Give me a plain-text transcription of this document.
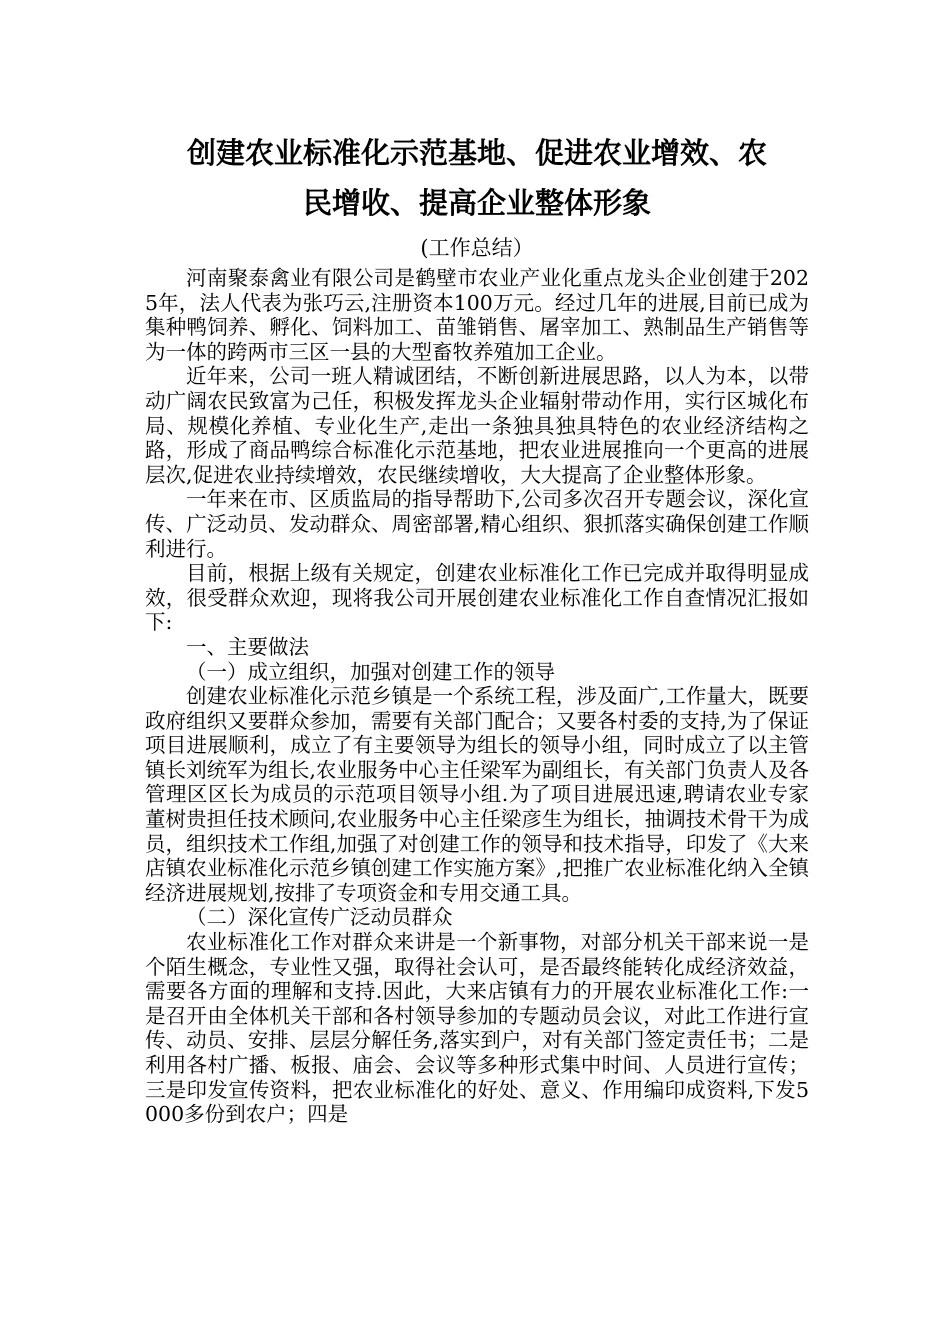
创建农业标准化示范基地、促进农业增效、农
民增收、提高企业整体形象
(工作总结）

河南聚泰禽业有限公司是鹤壁市农业产业化重点龙头企业创建于2025年，法人代表为张巧云,注册资本100万元。经过几年的进展,目前已成为集种鸭饲养、孵化、饲料加工、苗雏销售、屠宰加工、熟制品生产销售等为一体的跨两市三区一县的大型畜牧养殖加工企业。

近年来，公司一班人精诚团结，不断创新进展思路，以人为本，以带动广阔农民致富为己任，积极发挥龙头企业辐射带动作用，实行区城化布局、规模化养植、专业化生产,走出一条独具独具特色的农业经济结构之路，形成了商品鸭综合标准化示范基地，把农业进展推向一个更高的进展层次,促进农业持续增效，农民继续增收，大大提高了企业整体形象。

一年来在市、区质监局的指导帮助下,公司多次召开专题会议，深化宣传、广泛动员、发动群众、周密部署,精心组织、狠抓落实确保创建工作顺利进行。

目前，根据上级有关规定，创建农业标准化工作已完成并取得明显成效，很受群众欢迎，现将我公司开展创建农业标准化工作自查情况汇报如下:

一、主要做法

（一）成立组织，加强对创建工作的领导

创建农业标准化示范乡镇是一个系统工程，涉及面广,工作量大，既要政府组织又要群众参加，需要有关部门配合；又要各村委的支持,为了保证项目进展顺利，成立了有主要领导为组长的领导小组，同时成立了以主管镇长刘统军为组长,农业服务中心主任梁军为副组长，有关部门负责人及各管理区区长为成员的示范项目领导小组.为了项目进展迅速,聘请农业专家董树贵担任技术顾问,农业服务中心主任梁彦生为组长，抽调技术骨干为成员，组织技术工作组,加强了对创建工作的领导和技术指导，印发了《大来店镇农业标准化示范乡镇创建工作实施方案》,把推广农业标准化纳入全镇经济进展规划,按排了专项资金和专用交通工具。

（二）深化宣传广泛动员群众

农业标准化工作对群众来讲是一个新事物，对部分机关干部来说一是个陌生概念，专业性又强，取得社会认可，是否最终能转化成经济效益，需要各方面的理解和支持.因此，大来店镇有力的开展农业标准化工作:一是召开由全体机关干部和各村领导参加的专题动员会议，对此工作进行宣传、动员、安排、层层分解任务,落实到户，对有关部门签定责任书；二是利用各村广播、板报、庙会、会议等多种形式集中时间、人员进行宣传；三是印发宣传资料，把农业标准化的好处、意义、作用编印成资料,下发5000多份到农户；四是
